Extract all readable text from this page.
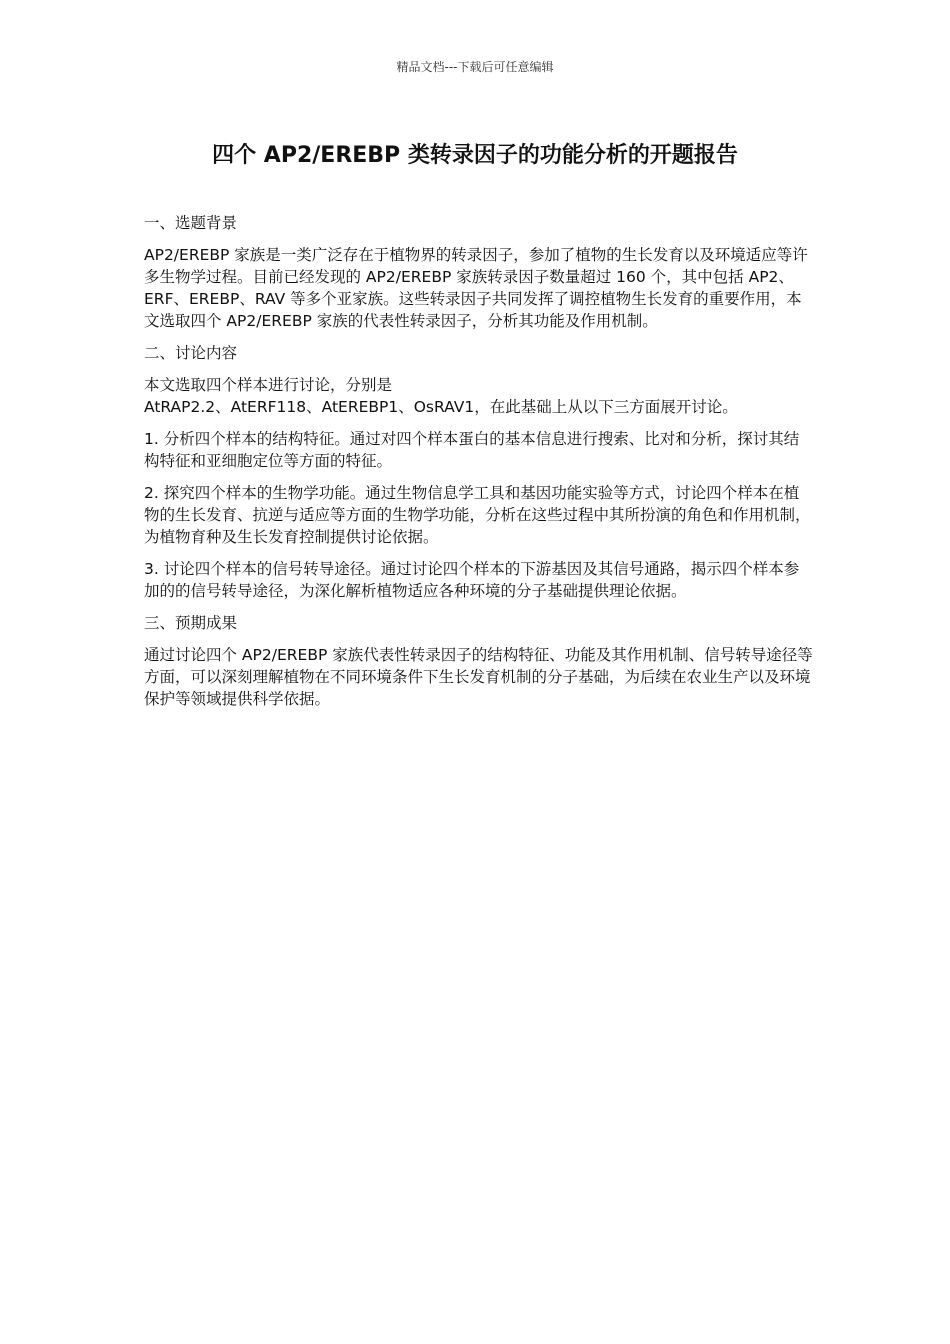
精品文档---下载后可任意编辑
四个 AP2/EREBP 类转录因子的功能分析的开题报告

一、选题背景

AP2/EREBP 家族是一类广泛存在于植物界的转录因子，参加了植物的生长发育以及环境适应等许多生物学过程。目前已经发现的 AP2/EREBP 家族转录因子数量超过 160 个，其中包括 AP2、ERF、EREBP、RAV 等多个亚家族。这些转录因子共同发挥了调控植物生长发育的重要作用，本文选取四个 AP2/EREBP 家族的代表性转录因子，分析其功能及作用机制。

二、讨论内容

本文选取四个样本进行讨论，分别是
AtRAP2.2、AtERF118、AtEREBP1、OsRAV1，在此基础上从以下三方面展开讨论。

1. 分析四个样本的结构特征。通过对四个样本蛋白的基本信息进行搜索、比对和分析，探讨其结构特征和亚细胞定位等方面的特征。

2. 探究四个样本的生物学功能。通过生物信息学工具和基因功能实验等方式，讨论四个样本在植物的生长发育、抗逆与适应等方面的生物学功能，分析在这些过程中其所扮演的角色和作用机制，为植物育种及生长发育控制提供讨论依据。

3. 讨论四个样本的信号转导途径。通过讨论四个样本的下游基因及其信号通路，揭示四个样本参加的的信号转导途径，为深化解析植物适应各种环境的分子基础提供理论依据。

三、预期成果

通过讨论四个 AP2/EREBP 家族代表性转录因子的结构特征、功能及其作用机制、信号转导途径等方面，可以深刻理解植物在不同环境条件下生长发育机制的分子基础，为后续在农业生产以及环境保护等领域提供科学依据。
